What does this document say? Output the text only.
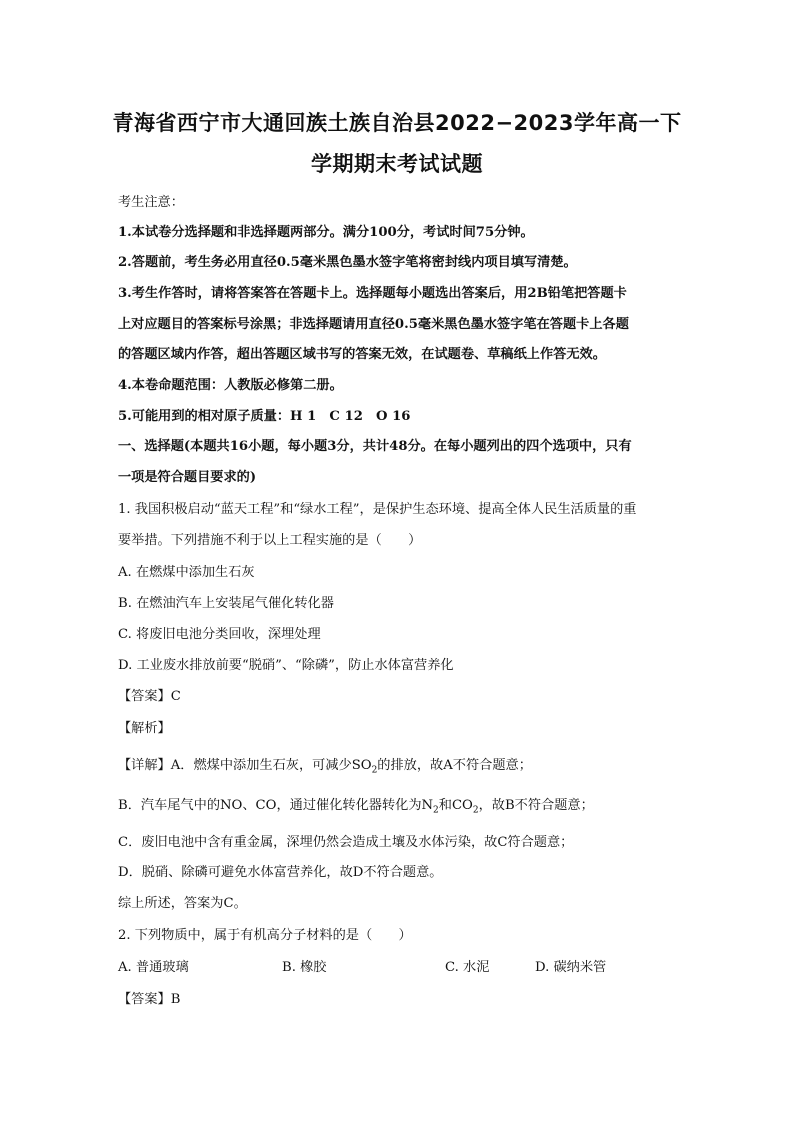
青海省西宁市大通回族土族自治县2022−2023学年高一下
学期期末考试试题
考生注意：
1.本试卷分选择题和非选择题两部分。满分100分，考试时间75分钟。
2.答题前，考生务必用直径0.5毫米黑色墨水签字笔将密封线内项目填写清楚。
3.考生作答时，请将答案答在答题卡上。选择题每小题选出答案后，用2B铅笔把答题卡
上对应题目的答案标号涂黑；非选择题请用直径0.5毫米黑色墨水签字笔在答题卡上各题
的答题区域内作答，超出答题区域书写的答案无效，在试题卷、草稿纸上作答无效。
4.本卷命题范围：人教版必修第二册。
5.可能用到的相对原子质量：H 1　C 12　O 16
一、选择题(本题共16小题，每小题3分，共计48分。在每小题列出的四个选项中，只有
一项是符合题目要求的)
1. 我国积极启动“蓝天工程”和“绿水工程”，是保护生态环境、提高全体人民生活质量的重
要举措。下列措施不利于以上工程实施的是（　　）
A. 在燃煤中添加生石灰
B. 在燃油汽车上安装尾气催化转化器
C. 将废旧电池分类回收，深埋处理
D. 工业废水排放前要“脱硝”、“除磷”，防止水体富营养化
【答案】C
【解析】
【详解】A．燃煤中添加生石灰，可减少$SO_2$的排放，故A不符合题意；
B．汽车尾气中的NO、CO，通过催化转化器转化为$N_2$和$CO_2$，故B不符合题意；
C．废旧电池中含有重金属，深埋仍然会造成土壤及水体污染，故C符合题意；
D．脱硝、除磷可避免水体富营养化，故D不符合题意。
综上所述，答案为C。
2. 下列物质中，属于有机高分子材料的是（　　）
A. 普通玻璃	B. 橡胶	C. 水泥	D. 碳纳米管
【答案】B
